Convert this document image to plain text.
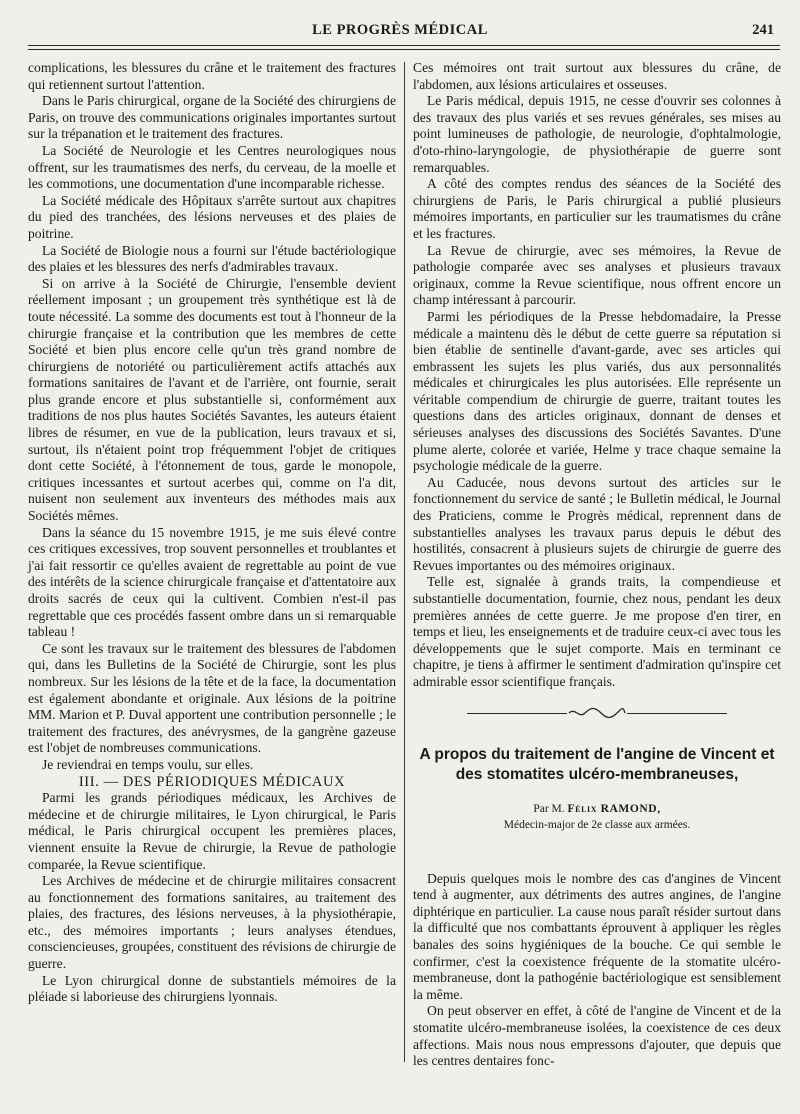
LE PROGRÈS MÉDICAL	241

complications, les blessures du crâne et le traitement des fractures qui retiennent surtout l'attention.

Dans le Paris chirurgical, organe de la Société des chirurgiens de Paris, on trouve des communications originales importantes surtout sur la trépanation et le traitement des fractures.

La Société de Neurologie et les Centres neurologiques nous offrent, sur les traumatismes des nerfs, du cerveau, de la moelle et les commotions, une documentation d'une incomparable richesse.

La Société médicale des Hôpitaux s'arrête surtout aux chapitres du pied des tranchées, des lésions nerveuses et des plaies de poitrine.

La Société de Biologie nous a fourni sur l'étude bactériologique des plaies et les blessures des nerfs d'admirables travaux.

Si on arrive à la Société de Chirurgie, l'ensemble devient réellement imposant ; un groupement très synthétique est là de toute nécessité. La somme des documents est tout à l'honneur de la chirurgie française et la contribution que les membres de cette Société et bien plus encore celle qu'un très grand nombre de chirurgiens de notoriété ou particulièrement actifs attachés aux formations sanitaires de l'avant et de l'arrière, ont fournie, serait plus grande encore et plus substantielle si, conformément aux traditions de nos plus hautes Sociétés Savantes, les auteurs étaient libres de résumer, en vue de la publication, leurs travaux et si, surtout, ils n'étaient point trop fréquemment l'objet de critiques dont cette Société, à l'étonnement de tous, garde le monopole, critiques incessantes et surtout acerbes qui, comme on l'a dit, nuisent non seulement aux inventeurs des méthodes mais aux Sociétés mêmes.

Dans la séance du 15 novembre 1915, je me suis élevé contre ces critiques excessives, trop souvent personnelles et troublantes et j'ai fait ressortir ce qu'elles avaient de regrettable au point de vue des intérêts de la science chirurgicale française et d'attentatoire aux droits sacrés de ceux qui la cultivent. Combien n'est-il pas regrettable que ces procédés fassent ombre dans un si remarquable tableau !

Ce sont les travaux sur le traitement des blessures de l'abdomen qui, dans les Bulletins de la Société de Chirurgie, sont les plus nombreux. Sur les lésions de la tête et de la face, la documentation est également abondante et originale. Aux lésions de la poitrine MM. Marion et P. Duval apportent une contribution personnelle ; le traitement des fractures, des anévrysmes, de la gangrène gazeuse est l'objet de nombreuses communications.

Je reviendrai en temps voulu, sur elles.

III. — DES PÉRIODIQUES MÉDICAUX

Parmi les grands périodiques médicaux, les Archives de médecine et de chirurgie militaires, le Lyon chirurgical, le Paris médical, le Paris chirurgical occupent les premières places, viennent ensuite la Revue de chirurgie, la Revue de pathologie comparée, la Revue scientifique.

Les Archives de médecine et de chirurgie militaires consacrent au fonctionnement des formations sanitaires, au traitement des plaies, des fractures, des lésions nerveuses, à la physiothérapie, etc., des mémoires importants ; leurs analyses étendues, consciencieuses, groupées, constituent des révisions de chirurgie de guerre.

Le Lyon chirurgical donne de substantiels mémoires de la pléiade si laborieuse des chirurgiens lyonnais.

Ces mémoires ont trait surtout aux blessures du crâne, de l'abdomen, aux lésions articulaires et osseuses.

Le Paris médical, depuis 1915, ne cesse d'ouvrir ses colonnes à des travaux des plus variés et ses revues générales, ses mises au point lumineuses de pathologie, de neurologie, d'ophtalmologie, d'oto-rhino-laryngologie, de physiothérapie de guerre sont remarquables.

A côté des comptes rendus des séances de la Société des chirurgiens de Paris, le Paris chirurgical a publié plusieurs mémoires importants, en particulier sur les traumatismes du crâne et les fractures.

La Revue de chirurgie, avec ses mémoires, la Revue de pathologie comparée avec ses analyses et plusieurs travaux originaux, comme la Revue scientifique, nous offrent encore un champ intéressant à parcourir.

Parmi les périodiques de la Presse hebdomadaire, la Presse médicale a maintenu dès le début de cette guerre sa réputation si bien établie de sentinelle d'avant-garde, avec ses articles qui embrassent les sujets les plus variés, dus aux personnalités médicales et chirurgicales les plus autorisées. Elle représente un véritable compendium de chirurgie de guerre, traitant toutes les questions dans des articles originaux, donnant de denses et sérieuses analyses des discussions des Sociétés Savantes. D'une plume alerte, colorée et variée, Helme y trace chaque semaine la psychologie médicale de la guerre.

Au Caducée, nous devons surtout des articles sur le fonctionnement du service de santé ; le Bulletin médical, le Journal des Praticiens, comme le Progrès médical, reprennent dans de substantielles analyses les travaux parus depuis le début des hostilités, consacrent à plusieurs sujets de chirurgie de guerre des Revues importantes ou des mémoires originaux.

Telle est, signalée à grands traits, la compendieuse et substantielle documentation, fournie, chez nous, pendant les deux premières années de cette guerre. Je me propose d'en tirer, en temps et lieu, les enseignements et de traduire ceux-ci avec tous les développements que le sujet comporte. Mais en terminant ce chapitre, je tiens à affirmer le sentiment d'admiration qu'inspire cet admirable essor scientifique français.

A propos du traitement de l'angine de Vincent et des stomatites ulcéro-membraneuses,
Par M. Félix RAMOND,
Médecin-major de 2e classe aux armées.

Depuis quelques mois le nombre des cas d'angines de Vincent tend à augmenter, aux détriments des autres angines, de l'angine diphtérique en particulier. La cause nous paraît résider surtout dans la difficulté que nos combattants éprouvent à appliquer les règles banales des soins hygiéniques de la bouche. Ce qui semble le confirmer, c'est la coexistence fréquente de la stomatite ulcéro-membraneuse, dont la pathogénie bactériologique est sensiblement la même.

On peut observer en effet, à côté de l'angine de Vincent et de la stomatite ulcéro-membraneuse isolées, la coexistence de ces deux affections. Mais nous nous empressons d'ajouter, que depuis que les centres dentaires fonc-
